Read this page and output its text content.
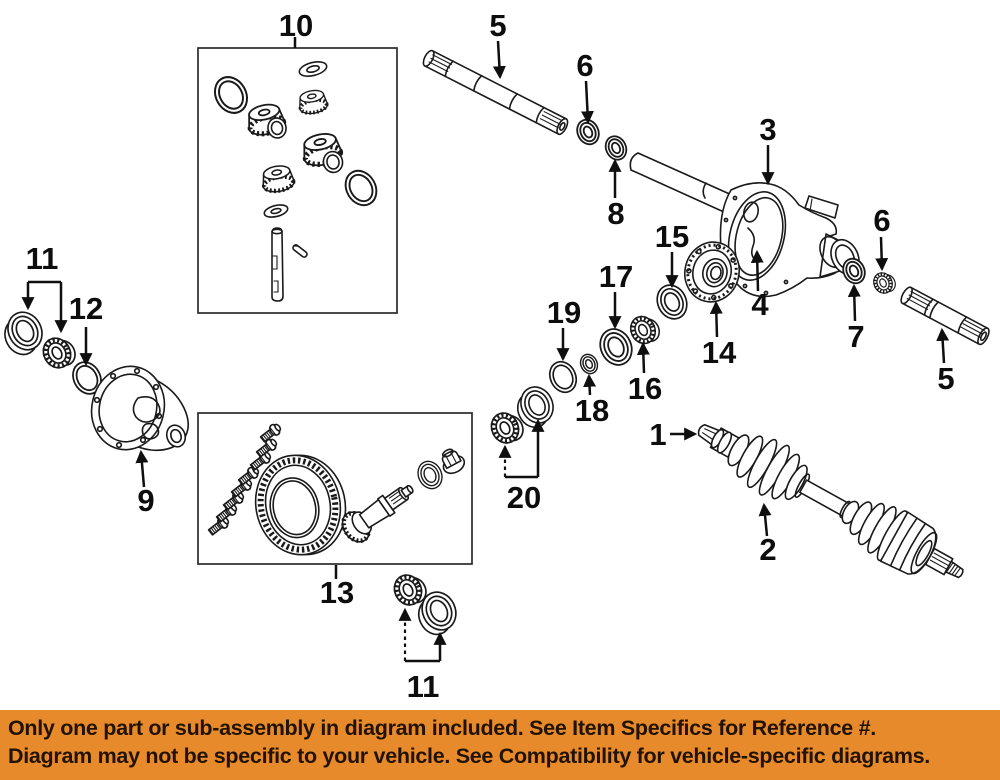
10	5
6
8
3
4
15
14
6
7
5
17
16
19
18
20
11
12
9
13
11
1
2
Only one part or sub-assembly in diagram included. See Item Specifics for Reference #.
Diagram may not be specific to your vehicle. See Compatibility for vehicle-specific diagrams.
